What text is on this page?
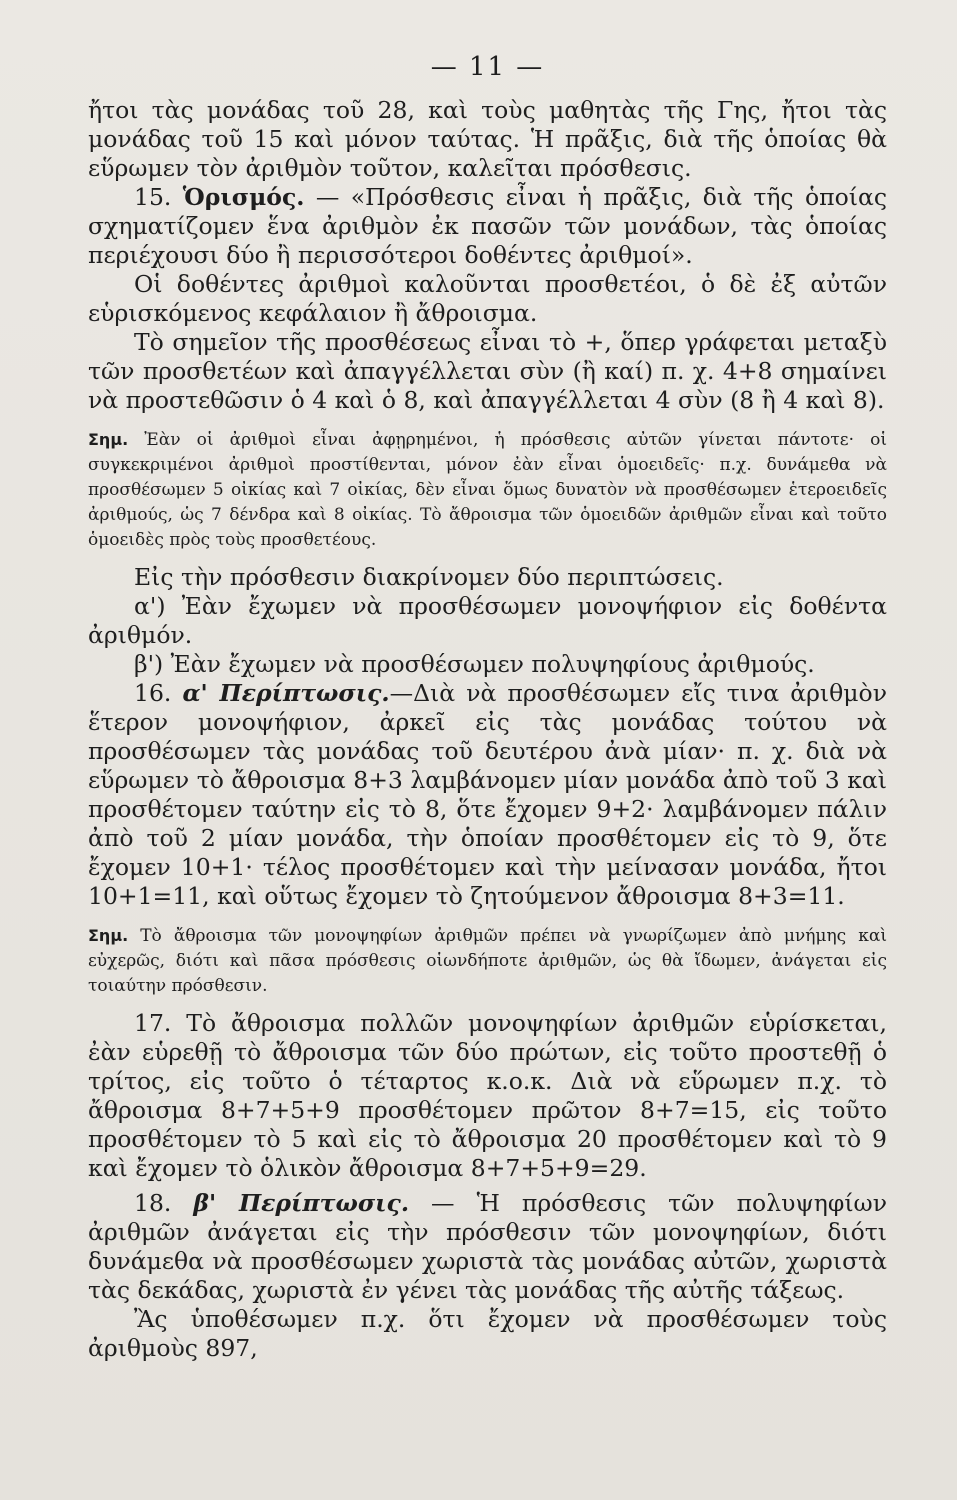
— 11 —

ἤτοι τὰς μονάδας τοῦ 28, καὶ τοὺς μαθητὰς τῆς Γης, ἤτοι τὰς μονάδας τοῦ 15 καὶ μόνον ταύτας. Ἡ πρᾶξις, διὰ τῆς ὁποίας θὰ εὕρωμεν τὸν ἀριθμὸν τοῦτον, καλεῖται πρόσθεσις.

15. Ὁρισμός. — «Πρόσθεσις εἶναι ἡ πρᾶξις, διὰ τῆς ὁποίας σχηματίζομεν ἕνα ἀριθμὸν ἐκ πασῶν τῶν μονάδων, τὰς ὁποίας περιέχουσι δύο ἢ περισσότεροι δοθέντες ἀριθμοί».

Οἱ δοθέντες ἀριθμοὶ καλοῦνται προσθετέοι, ὁ δὲ ἐξ αὐτῶν εὑρισκόμενος κεφάλαιον ἢ ἄθροισμα.

Τὸ σημεῖον τῆς προσθέσεως εἶναι τὸ +, ὅπερ γράφεται μεταξὺ τῶν προσθετέων καὶ ἀπαγγέλλεται σὺν (ἢ καί) π. χ. 4+8 σημαίνει νὰ προστεθῶσιν ὁ 4 καὶ ὁ 8, καὶ ἀπαγγέλλεται 4 σὺν (8 ἢ 4 καὶ 8).

Σημ. Ἐὰν οἱ ἀριθμοὶ εἶναι ἀφῃρημένοι, ἡ πρόσθεσις αὐτῶν γίνεται πάντοτε· οἱ συγκεκριμένοι ἀριθμοὶ προστίθενται, μόνον ἐὰν εἶναι ὁμοειδεῖς· π.χ. δυνάμεθα νὰ προσθέσωμεν 5 οἰκίας καὶ 7 οἰκίας, δὲν εἶναι ὅμως δυνατὸν νὰ προσθέσωμεν ἑτεροειδεῖς ἀριθμούς, ὡς 7 δένδρα καὶ 8 οἰκίας. Τὸ ἄθροισμα τῶν ὁμοειδῶν ἀριθμῶν εἶναι καὶ τοῦτο ὁμοειδὲς πρὸς τοὺς προσθετέους.

Εἰς τὴν πρόσθεσιν διακρίνομεν δύο περιπτώσεις.

α') Ἐὰν ἔχωμεν νὰ προσθέσωμεν μονοψήφιον εἰς δοθέντα ἀριθμόν.

β') Ἐὰν ἔχωμεν νὰ προσθέσωμεν πολυψηφίους ἀριθμούς.

16. α' Περίπτωσις.—Διὰ νὰ προσθέσωμεν εἴς τινα ἀριθμὸν ἕτερον μονοψήφιον, ἀρκεῖ εἰς τὰς μονάδας τούτου νὰ προσθέσωμεν τὰς μονάδας τοῦ δευτέρου ἀνὰ μίαν· π. χ. διὰ νὰ εὕρωμεν τὸ ἄθροισμα 8+3 λαμβάνομεν μίαν μονάδα ἀπὸ τοῦ 3 καὶ προσθέτομεν ταύτην εἰς τὸ 8, ὅτε ἔχομεν 9+2· λαμβάνομεν πάλιν ἀπὸ τοῦ 2 μίαν μονάδα, τὴν ὁποίαν προσθέτομεν εἰς τὸ 9, ὅτε ἔχομεν 10+1· τέλος προσθέτομεν καὶ τὴν μείνασαν μονάδα, ἤτοι 10+1=11, καὶ οὕτως ἔχομεν τὸ ζητούμενον ἄθροισμα 8+3=11.

Σημ. Τὸ ἄθροισμα τῶν μονοψηφίων ἀριθμῶν πρέπει νὰ γνωρίζωμεν ἀπὸ μνήμης καὶ εὐχερῶς, διότι καὶ πᾶσα πρόσθεσις οἱωνδήποτε ἀριθμῶν, ὡς θὰ ἴδωμεν, ἀνάγεται εἰς τοιαύτην πρόσθεσιν.

17. Τὸ ἄθροισμα πολλῶν μονοψηφίων ἀριθμῶν εὑρίσκεται, ἐὰν εὑρεθῇ τὸ ἄθροισμα τῶν δύο πρώτων, εἰς τοῦτο προστεθῇ ὁ τρίτος, εἰς τοῦτο ὁ τέταρτος κ.ο.κ. Διὰ νὰ εὕρωμεν π.χ. τὸ ἄθροισμα 8+7+5+9 προσθέτομεν πρῶτον 8+7=15, εἰς τοῦτο προσθέτομεν τὸ 5 καὶ εἰς τὸ ἄθροισμα 20 προσθέτομεν καὶ τὸ 9 καὶ ἔχομεν τὸ ὁλικὸν ἄθροισμα 8+7+5+9=29.

18. β' Περίπτωσις. — Ἡ πρόσθεσις τῶν πολυψηφίων ἀριθμῶν ἀνάγεται εἰς τὴν πρόσθεσιν τῶν μονοψηφίων, διότι δυνάμεθα νὰ προσθέσωμεν χωριστὰ τὰς μονάδας αὐτῶν, χωριστὰ τὰς δεκάδας, χωριστὰ ἐν γένει τὰς μονάδας τῆς αὐτῆς τάξεως.

Ἂς ὑποθέσωμεν π.χ. ὅτι ἔχομεν νὰ προσθέσωμεν τοὺς ἀριθμοὺς 897,
